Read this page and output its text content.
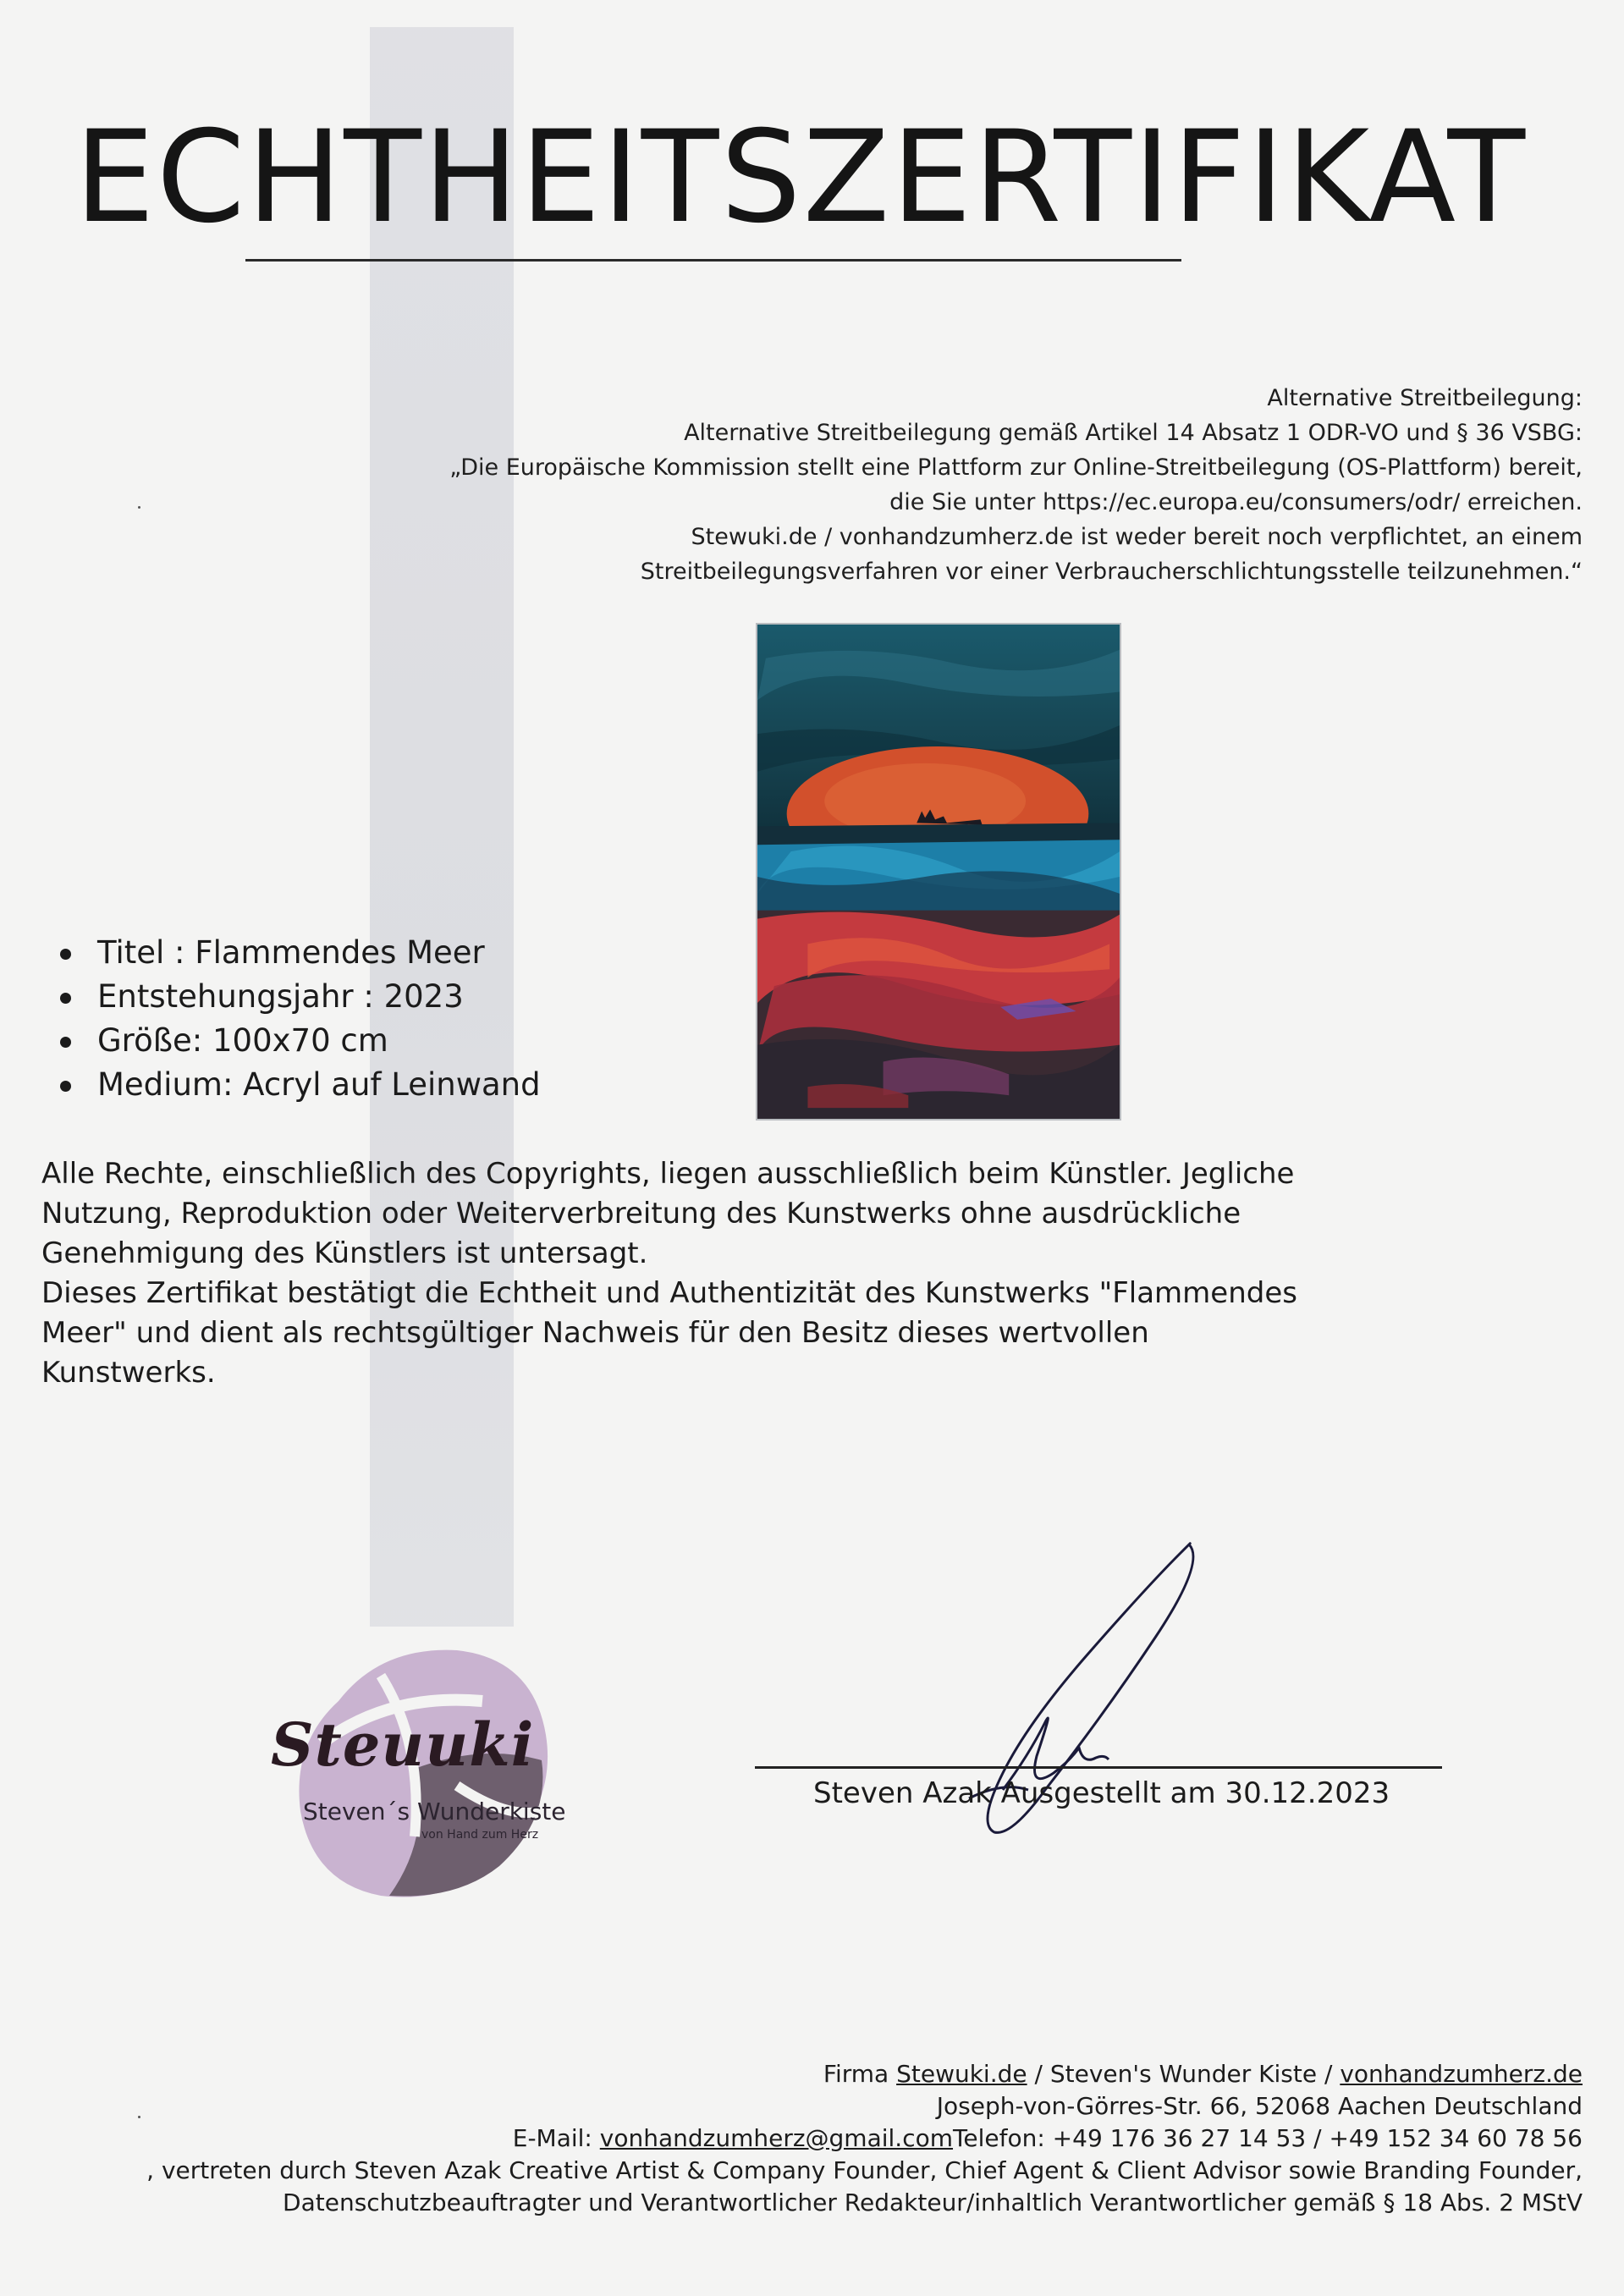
ECHTHEITSZERTIFIKAT
Alternative Streitbeilegung:
Alternative Streitbeilegung gemäß Artikel 14 Absatz 1 ODR-VO und § 36 VSBG:
„Die Europäische Kommission stellt eine Plattform zur Online-Streitbeilegung (OS-Plattform) bereit,
die Sie unter https://ec.europa.eu/consumers/odr/ erreichen.
Stewuki.de / vonhandzumherz.de ist weder bereit noch verpflichtet, an einem
Streitbeilegungsverfahren vor einer Verbraucherschlichtungsstelle teilzunehmen.“
Titel : Flammendes Meer
Entstehungsjahr : 2023
Größe: 100x70 cm
Medium: Acryl auf Leinwand
Alle Rechte, einschließlich des Copyrights, liegen ausschließlich beim Künstler. Jegliche
Nutzung, Reproduktion oder Weiterverbreitung des Kunstwerks ohne ausdrückliche
Genehmigung des Künstlers ist untersagt.
Dieses Zertifikat bestätigt die Echtheit und Authentizität des Kunstwerks "Flammendes
Meer" und dient als rechtsgültiger Nachweis für den Besitz dieses wertvollen
Kunstwerks.
Steuuki
Steven´s Wunderkiste
von Hand zum Herz
Steven Azak Ausgestellt am 30.12.2023
Firma Stewuki.de / Steven's Wunder Kiste / vonhandzumherz.de
Joseph-von-Görres-Str. 66, 52068 Aachen Deutschland
E-Mail: vonhandzumherz@gmail.comTelefon: +49 176 36 27 14 53 / +49 152 34 60 78 56
, vertreten durch Steven Azak Creative Artist & Company Founder, Chief Agent & Client Advisor sowie Branding Founder,
Datenschutzbeauftragter und Verantwortlicher Redakteur/inhaltlich Verantwortlicher gemäß § 18 Abs. 2 MStV
